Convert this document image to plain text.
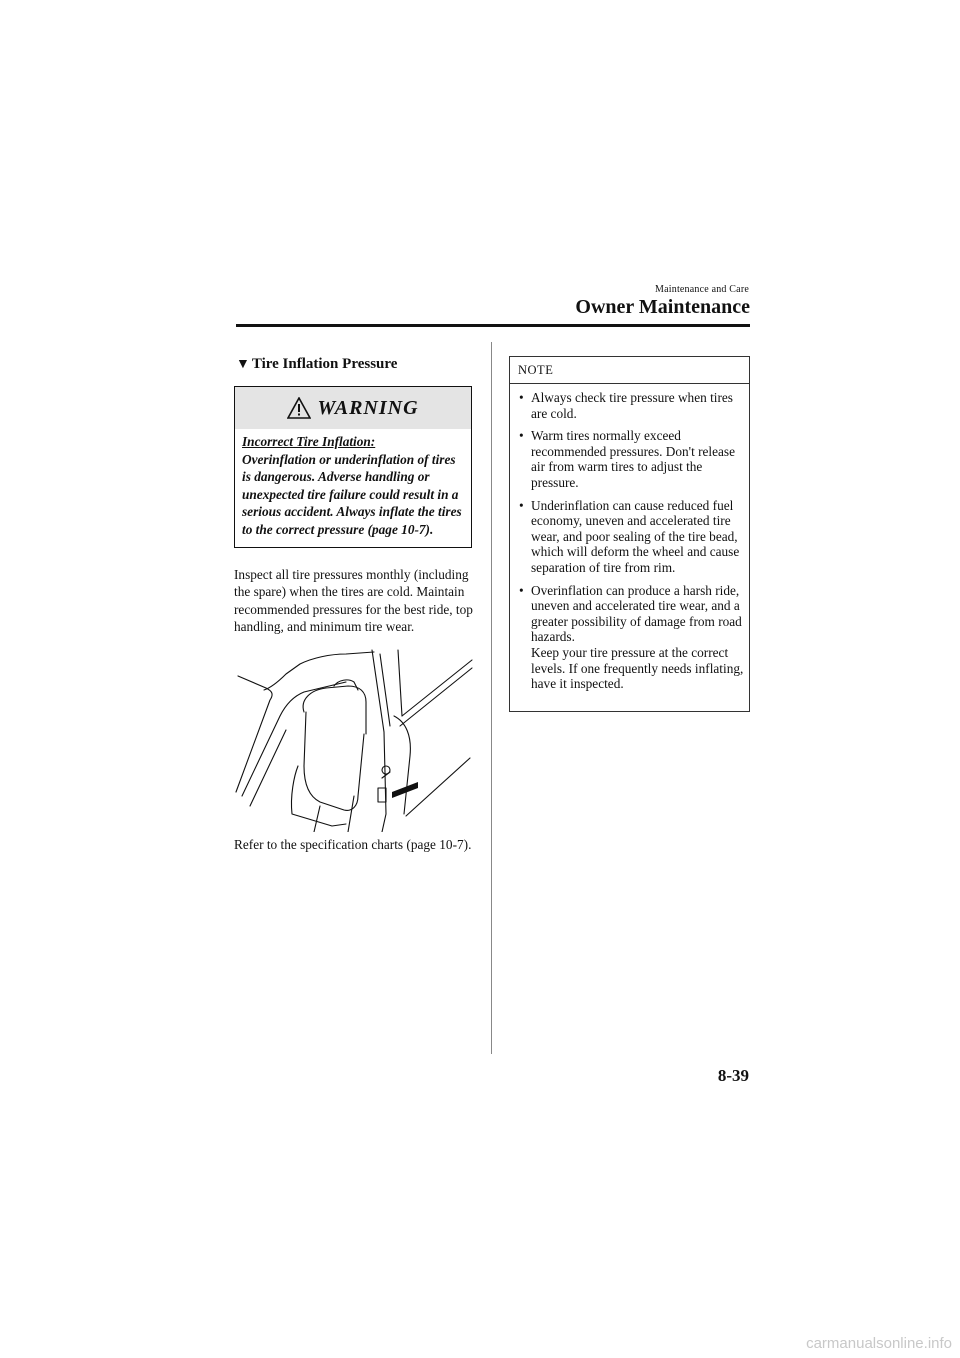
Maintenance and Care
Owner Maintenance
▼ Tire Inflation Pressure
WARNING
Incorrect Tire Inflation:
Overinflation or underinflation of tires is dangerous. Adverse handling or unexpected tire failure could result in a serious accident. Always inflate the tires to the correct pressure (page 10-7).
Inspect all tire pressures monthly (including the spare) when the tires are cold. Maintain recommended pressures for the best ride, top handling, and minimum tire wear.
Refer to the specification charts (page 10-7).
NOTE
• Always check tire pressure when tires are cold.
• Warm tires normally exceed recommended pressures. Don't release air from warm tires to adjust the pressure.
• Underinflation can cause reduced fuel economy, uneven and accelerated tire wear, and poor sealing of the tire bead, which will deform the wheel and cause separation of tire from rim.
• Overinflation can produce a harsh ride, uneven and accelerated tire wear, and a greater possibility of damage from road hazards.
Keep your tire pressure at the correct levels. If one frequently needs inflating, have it inspected.
8-39
carmanualsonline.info
